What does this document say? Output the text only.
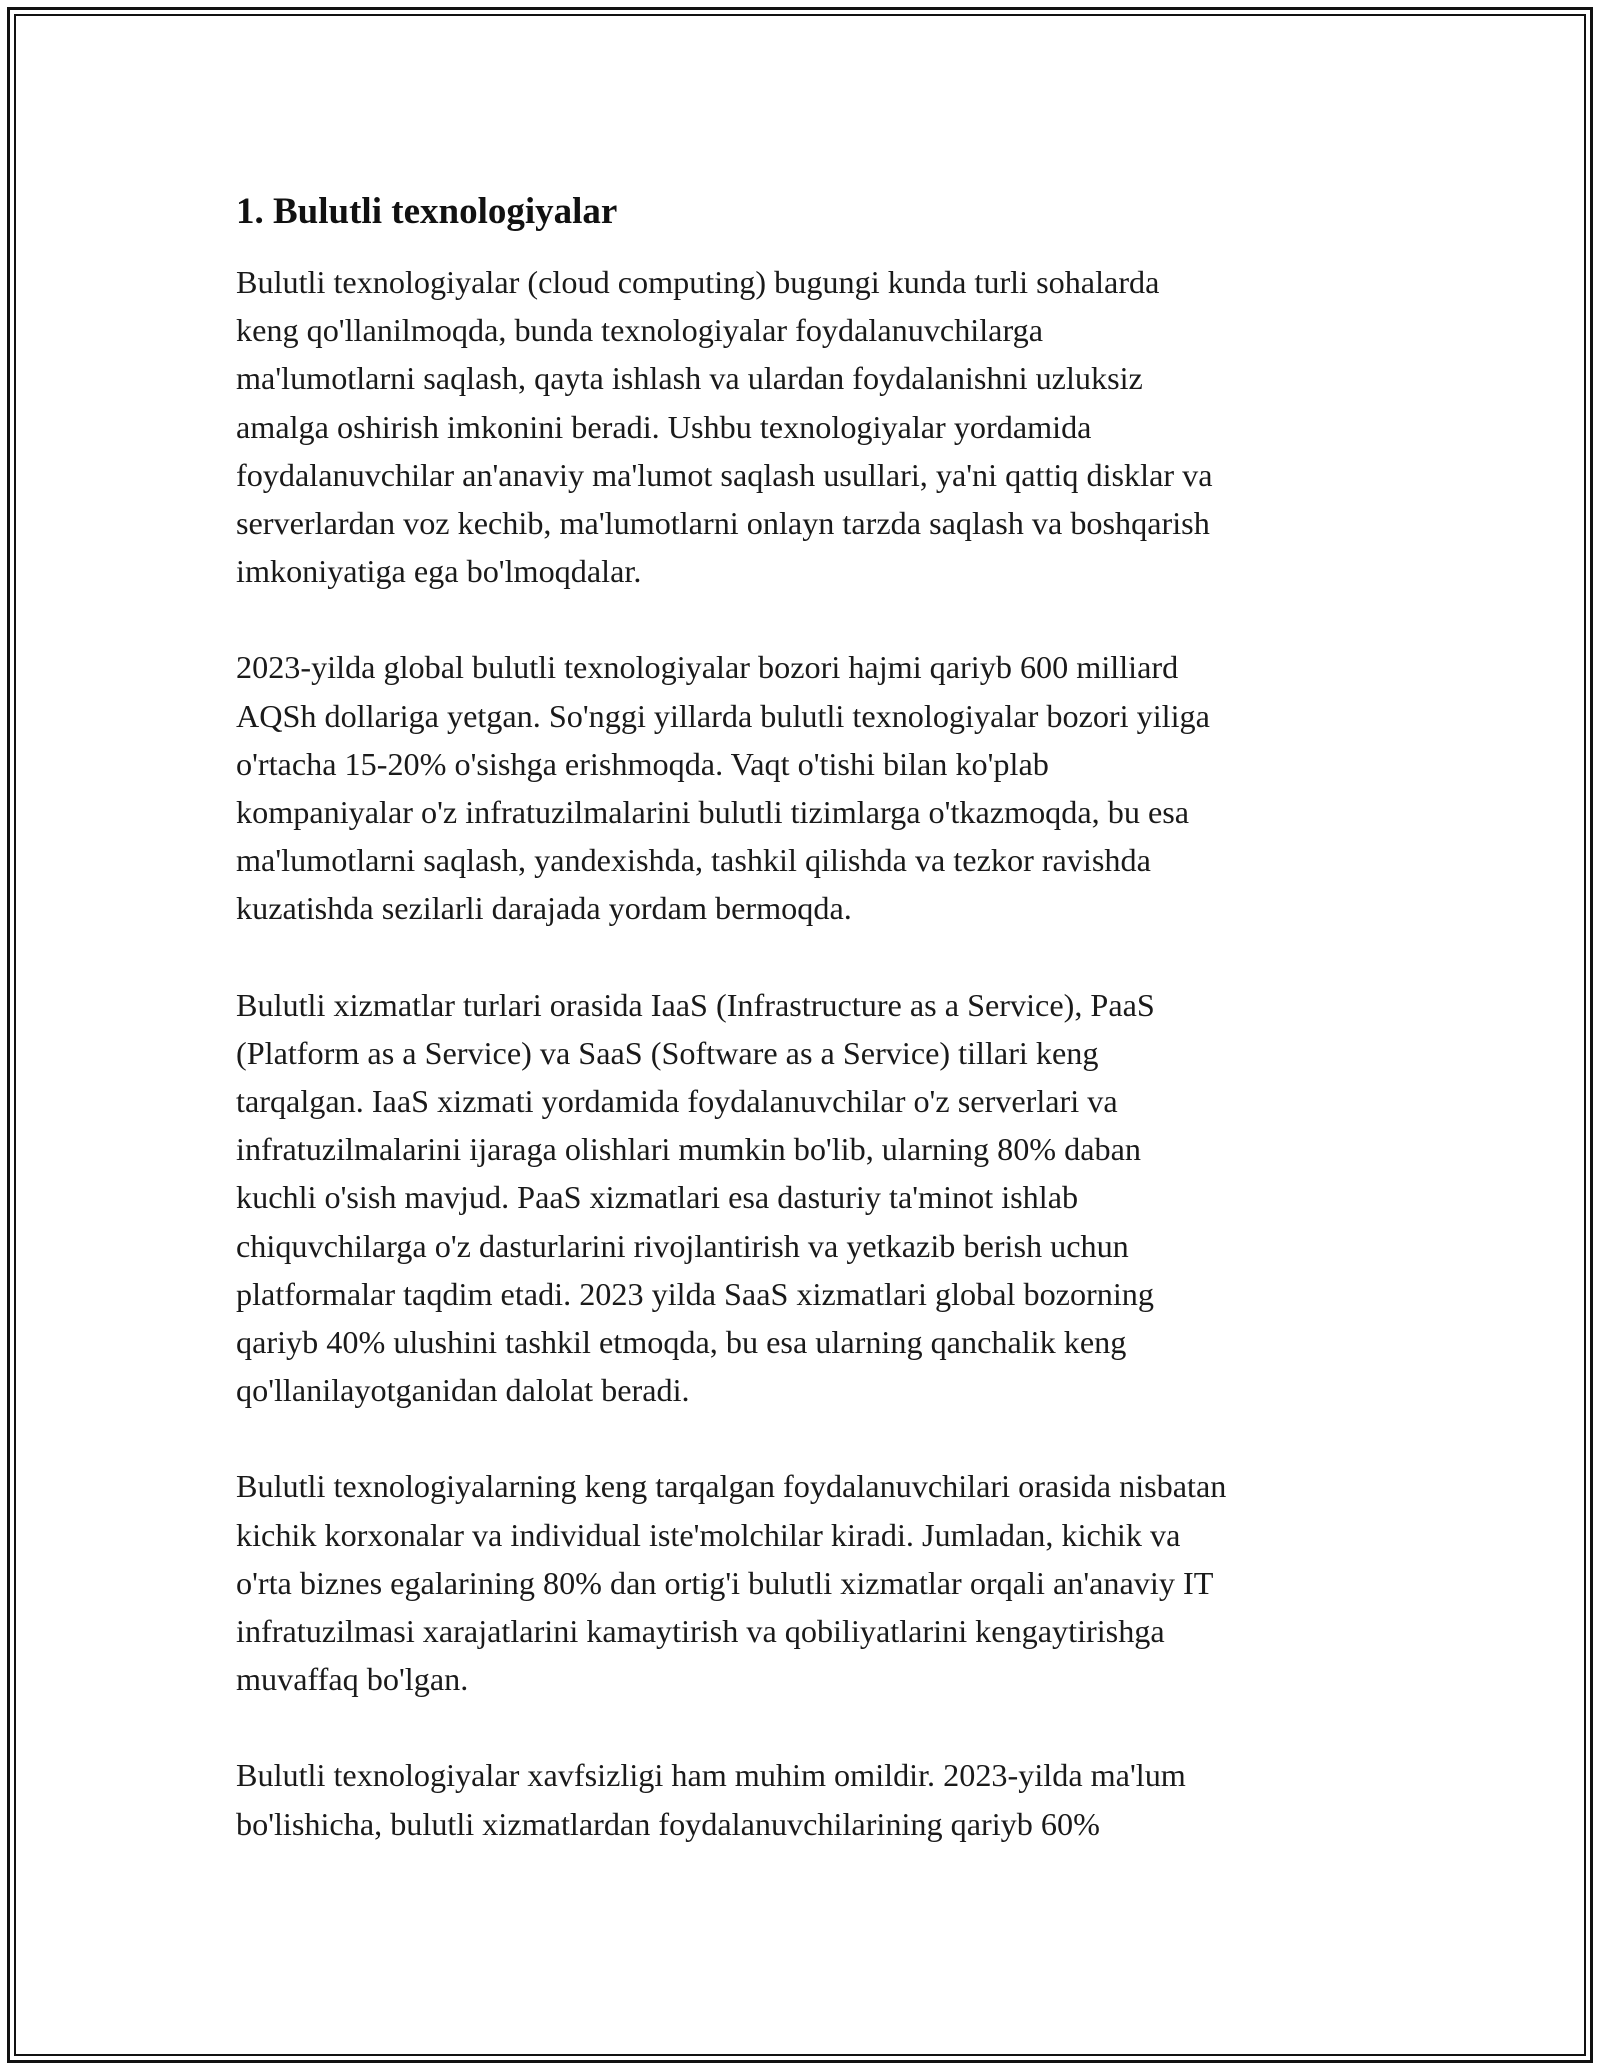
1. Bulutli texnologiyalar
Bulutli texnologiyalar (cloud computing) bugungi kunda turli sohalarda
keng qo'llanilmoqda, bunda texnologiyalar foydalanuvchilarga
ma'lumotlarni saqlash, qayta ishlash va ulardan foydalanishni uzluksiz
amalga oshirish imkonini beradi. Ushbu texnologiyalar yordamida
foydalanuvchilar an'anaviy ma'lumot saqlash usullari, ya'ni qattiq disklar va
serverlardan voz kechib, ma'lumotlarni onlayn tarzda saqlash va boshqarish
imkoniyatiga ega bo'lmoqdalar.
2023-yilda global bulutli texnologiyalar bozori hajmi qariyb 600 milliard
AQSh dollariga yetgan. So'nggi yillarda bulutli texnologiyalar bozori yiliga
o'rtacha 15-20% o'sishga erishmoqda. Vaqt o'tishi bilan ko'plab
kompaniyalar o'z infratuzilmalarini bulutli tizimlarga o'tkazmoqda, bu esa
ma'lumotlarni saqlash, yandexishda, tashkil qilishda va tezkor ravishda
kuzatishda sezilarli darajada yordam bermoqda.
Bulutli xizmatlar turlari orasida IaaS (Infrastructure as a Service), PaaS
(Platform as a Service) va SaaS (Software as a Service) tillari keng
tarqalgan. IaaS xizmati yordamida foydalanuvchilar o'z serverlari va
infratuzilmalarini ijaraga olishlari mumkin bo'lib, ularning 80% daban
kuchli o'sish mavjud. PaaS xizmatlari esa dasturiy ta'minot ishlab
chiquvchilarga o'z dasturlarini rivojlantirish va yetkazib berish uchun
platformalar taqdim etadi. 2023 yilda SaaS xizmatlari global bozorning
qariyb 40% ulushini tashkil etmoqda, bu esa ularning qanchalik keng
qo'llanilayotganidan dalolat beradi.
Bulutli texnologiyalarning keng tarqalgan foydalanuvchilari orasida nisbatan
kichik korxonalar va individual iste'molchilar kiradi. Jumladan, kichik va
o'rta biznes egalarining 80% dan ortig'i bulutli xizmatlar orqali an'anaviy IT
infratuzilmasi xarajatlarini kamaytirish va qobiliyatlarini kengaytirishga
muvaffaq bo'lgan.
Bulutli texnologiyalar xavfsizligi ham muhim omildir. 2023-yilda ma'lum
bo'lishicha, bulutli xizmatlardan foydalanuvchilarining qariyb 60%
